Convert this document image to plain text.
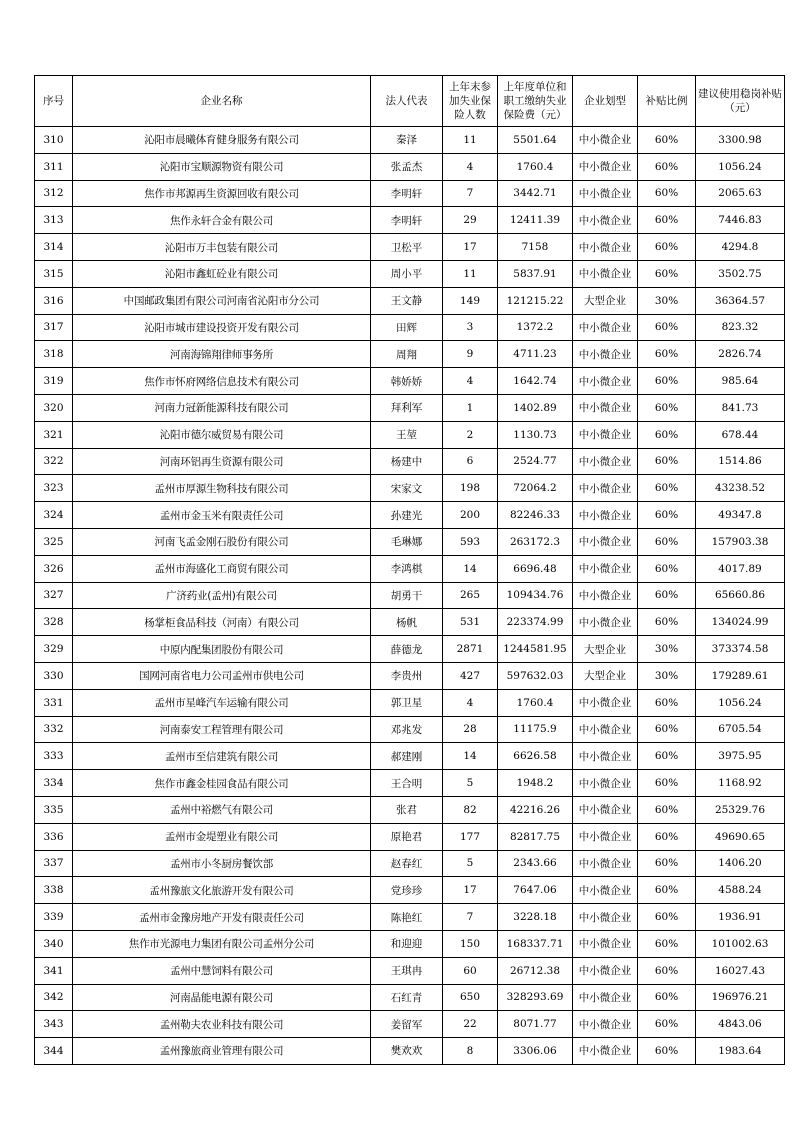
序号	企业名称	法人代表	上年末参加失业保险人数	上年度单位和职工缴纳失业保险费（元）	企业划型	补贴比例	建议使用稳岗补贴（元）
310	沁阳市晨曦体育健身服务有限公司	秦泽	11	5501.64	中小微企业	60%	3300.98
311	沁阳市宝顺源物资有限公司	张孟杰	4	1760.4	中小微企业	60%	1056.24
312	焦作市邦源再生资源回收有限公司	李明轩	7	3442.71	中小微企业	60%	2065.63
313	焦作永轩合金有限公司	李明轩	29	12411.39	中小微企业	60%	7446.83
314	沁阳市万丰包装有限公司	卫松平	17	7158	中小微企业	60%	4294.8
315	沁阳市鑫虹砼业有限公司	周小平	11	5837.91	中小微企业	60%	3502.75
316	中国邮政集团有限公司河南省沁阳市分公司	王文静	149	121215.22	大型企业	30%	36364.57
317	沁阳市城市建设投资开发有限公司	田辉	3	1372.2	中小微企业	60%	823.32
318	河南海锦翔律师事务所	周翔	9	4711.23	中小微企业	60%	2826.74
319	焦作市怀府网络信息技术有限公司	韩娇娇	4	1642.74	中小微企业	60%	985.64
320	河南力冠新能源科技有限公司	拜利军	1	1402.89	中小微企业	60%	841.73
321	沁阳市德尔威贸易有限公司	王堃	2	1130.73	中小微企业	60%	678.44
322	河南环铝再生资源有限公司	杨建中	6	2524.77	中小微企业	60%	1514.86
323	孟州市厚源生物科技有限公司	宋家文	198	72064.2	中小微企业	60%	43238.52
324	孟州市金玉米有限责任公司	孙建光	200	82246.33	中小微企业	60%	49347.8
325	河南飞孟金刚石股份有限公司	毛琳娜	593	263172.3	中小微企业	60%	157903.38
326	孟州市海盛化工商贸有限公司	李鸿棋	14	6696.48	中小微企业	60%	4017.89
327	广济药业(孟州)有限公司	胡勇干	265	109434.76	中小微企业	60%	65660.86
328	杨掌柜食品科技（河南）有限公司	杨帆	531	223374.99	中小微企业	60%	134024.99
329	中原内配集团股份有限公司	薛德龙	2871	1244581.95	大型企业	30%	373374.58
330	国网河南省电力公司孟州市供电公司	李贵州	427	597632.03	大型企业	30%	179289.61
331	孟州市星峰汽车运输有限公司	郭卫星	4	1760.4	中小微企业	60%	1056.24
332	河南泰安工程管理有限公司	邓兆发	28	11175.9	中小微企业	60%	6705.54
333	孟州市至信建筑有限公司	郝建刚	14	6626.58	中小微企业	60%	3975.95
334	焦作市鑫金桂园食品有限公司	王合明	5	1948.2	中小微企业	60%	1168.92
335	孟州中裕燃气有限公司	张君	82	42216.26	中小微企业	60%	25329.76
336	孟州市金堤塑业有限公司	原艳君	177	82817.75	中小微企业	60%	49690.65
337	孟州市小冬厨房餐饮部	赵春红	5	2343.66	中小微企业	60%	1406.20
338	孟州豫旅文化旅游开发有限公司	党珍珍	17	7647.06	中小微企业	60%	4588.24
339	孟州市金豫房地产开发有限责任公司	陈艳红	7	3228.18	中小微企业	60%	1936.91
340	焦作市光源电力集团有限公司孟州分公司	和迎迎	150	168337.71	中小微企业	60%	101002.63
341	孟州中慧饲料有限公司	王琪冉	60	26712.38	中小微企业	60%	16027.43
342	河南晶能电源有限公司	石红青	650	328293.69	中小微企业	60%	196976.21
343	孟州勒夫农业科技有限公司	姜留军	22	8071.77	中小微企业	60%	4843.06
344	孟州豫旅商业管理有限公司	樊欢欢	8	3306.06	中小微企业	60%	1983.64
